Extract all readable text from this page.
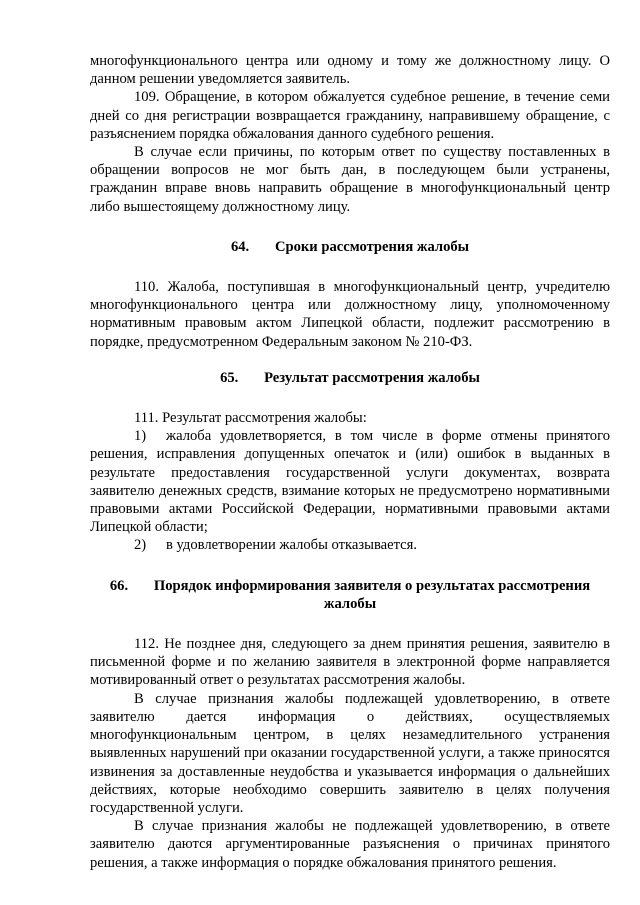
многофункционального центра или одному и тому же должностному лицу. О данном решении уведомляется заявитель.

109. Обращение, в котором обжалуется судебное решение, в течение семи дней со дня регистрации возвращается гражданину, направившему обращение, с разъяснением порядка обжалования данного судебного решения.

В случае если причины, по которым ответ по существу поставленных в обращении вопросов не мог быть дан, в последующем были устранены, гражданин вправе вновь направить обращение в многофункциональный центр либо вышестоящему должностному лицу.

64. Сроки рассмотрения жалобы

110. Жалоба, поступившая в многофункциональный центр, учредителю многофункционального центра или должностному лицу, уполномоченному нормативным правовым актом Липецкой области, подлежит рассмотрению в порядке, предусмотренном Федеральным законом № 210-ФЗ.

65. Результат рассмотрения жалобы

111. Результат рассмотрения жалобы:

1) жалоба удовлетворяется, в том числе в форме отмены принятого решения, исправления допущенных опечаток и (или) ошибок в выданных в результате предоставления государственной услуги документах, возврата заявителю денежных средств, взимание которых не предусмотрено нормативными правовыми актами Российской Федерации, нормативными правовыми актами Липецкой области;

2) в удовлетворении жалобы отказывается.

66. Порядок информирования заявителя о результатах рассмотрения
жалобы

112. Не позднее дня, следующего за днем принятия решения, заявителю в письменной форме и по желанию заявителя в электронной форме направляется мотивированный ответ о результатах рассмотрения жалобы.

В случае признания жалобы подлежащей удовлетворению, в ответе заявителю дается информация о действиях, осуществляемых многофункциональным центром, в целях незамедлительного устранения выявленных нарушений при оказании государственной услуги, а также приносятся извинения за доставленные неудобства и указывается информация о дальнейших действиях, которые необходимо совершить заявителю в целях получения государственной услуги.

В случае признания жалобы не подлежащей удовлетворению, в ответе заявителю даются аргументированные разъяснения о причинах принятого решения, а также информация о порядке обжалования принятого решения.
